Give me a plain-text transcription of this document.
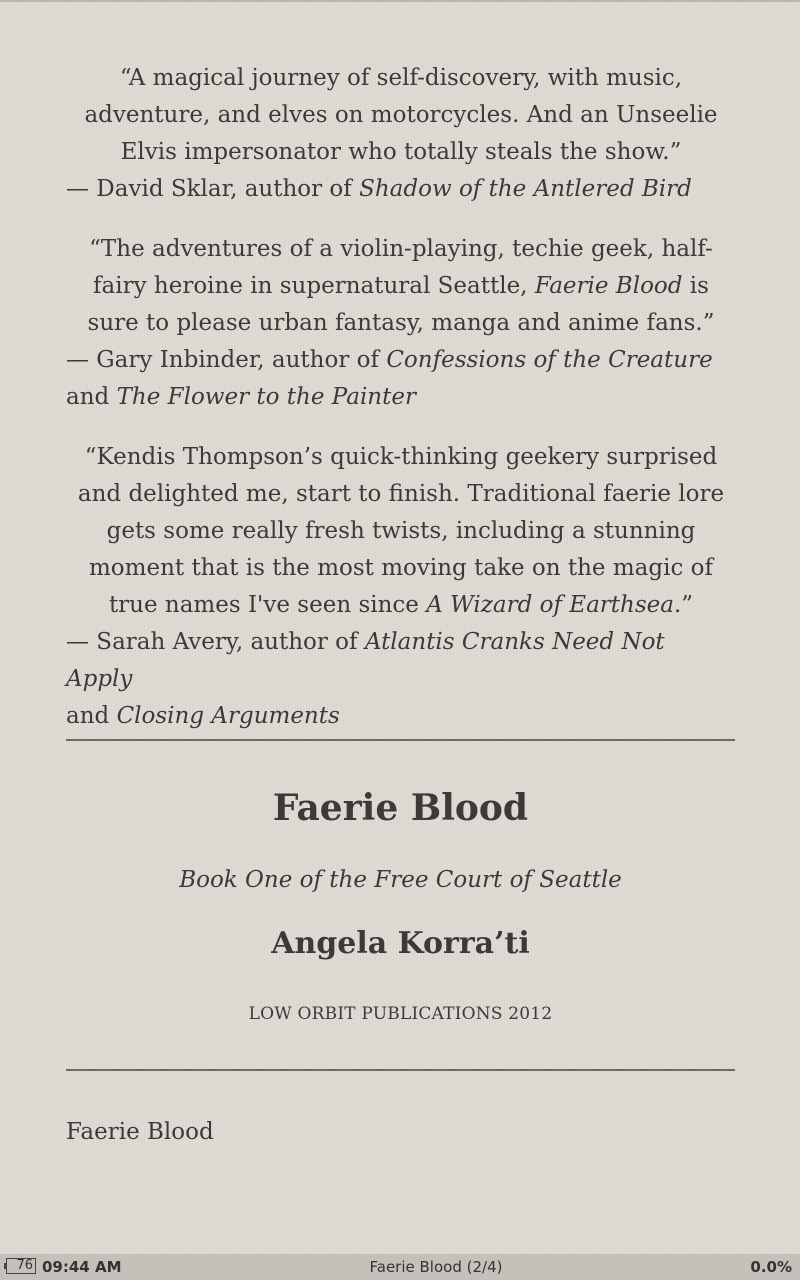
“A magical journey of self-discovery, with music, adventure, and elves on motorcycles. And an Unseelie Elvis impersonator who totally steals the show.”

— David Sklar, author of Shadow of the Antlered Bird

“The adventures of a violin-playing, techie geek, half-fairy heroine in supernatural Seattle, Faerie Blood is sure to please urban fantasy, manga and anime fans.”

— Gary Inbinder, author of Confessions of the Creature
and The Flower to the Painter

“Kendis Thompson’s quick-thinking geekery surprised and delighted me, start to finish. Traditional faerie lore gets some really fresh twists, including a stunning moment that is the most moving take on the magic of true names I've seen since A Wizard of Earthsea.”

— Sarah Avery, author of Atlantis Cranks Need Not Apply
and Closing Arguments

Faerie Blood
Book One of the Free Court of Seattle
Angela Korra’ti
LOW ORBIT PUBLICATIONS 2012
Faerie Blood
76 09:44 AM	Faerie Blood (2/4)	0.0%
